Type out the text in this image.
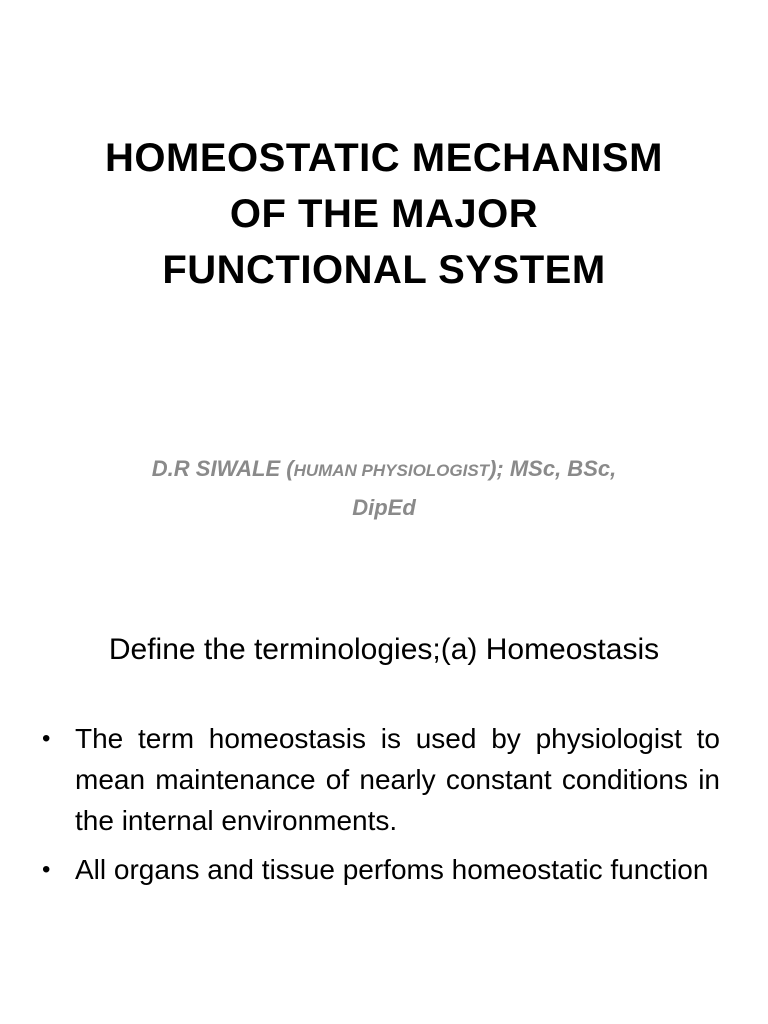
HOMEOSTATIC MECHANISM
OF THE MAJOR
FUNCTIONAL SYSTEM
D.R SIWALE (HUMAN PHYSIOLOGIST); MSc, BSc, DipEd
Define the terminologies;(a) Homeostasis
• The term homeostasis is used by physiologist to mean maintenance of nearly constant conditions in the internal environments.
• All organs and tissue perfoms homeostatic function
